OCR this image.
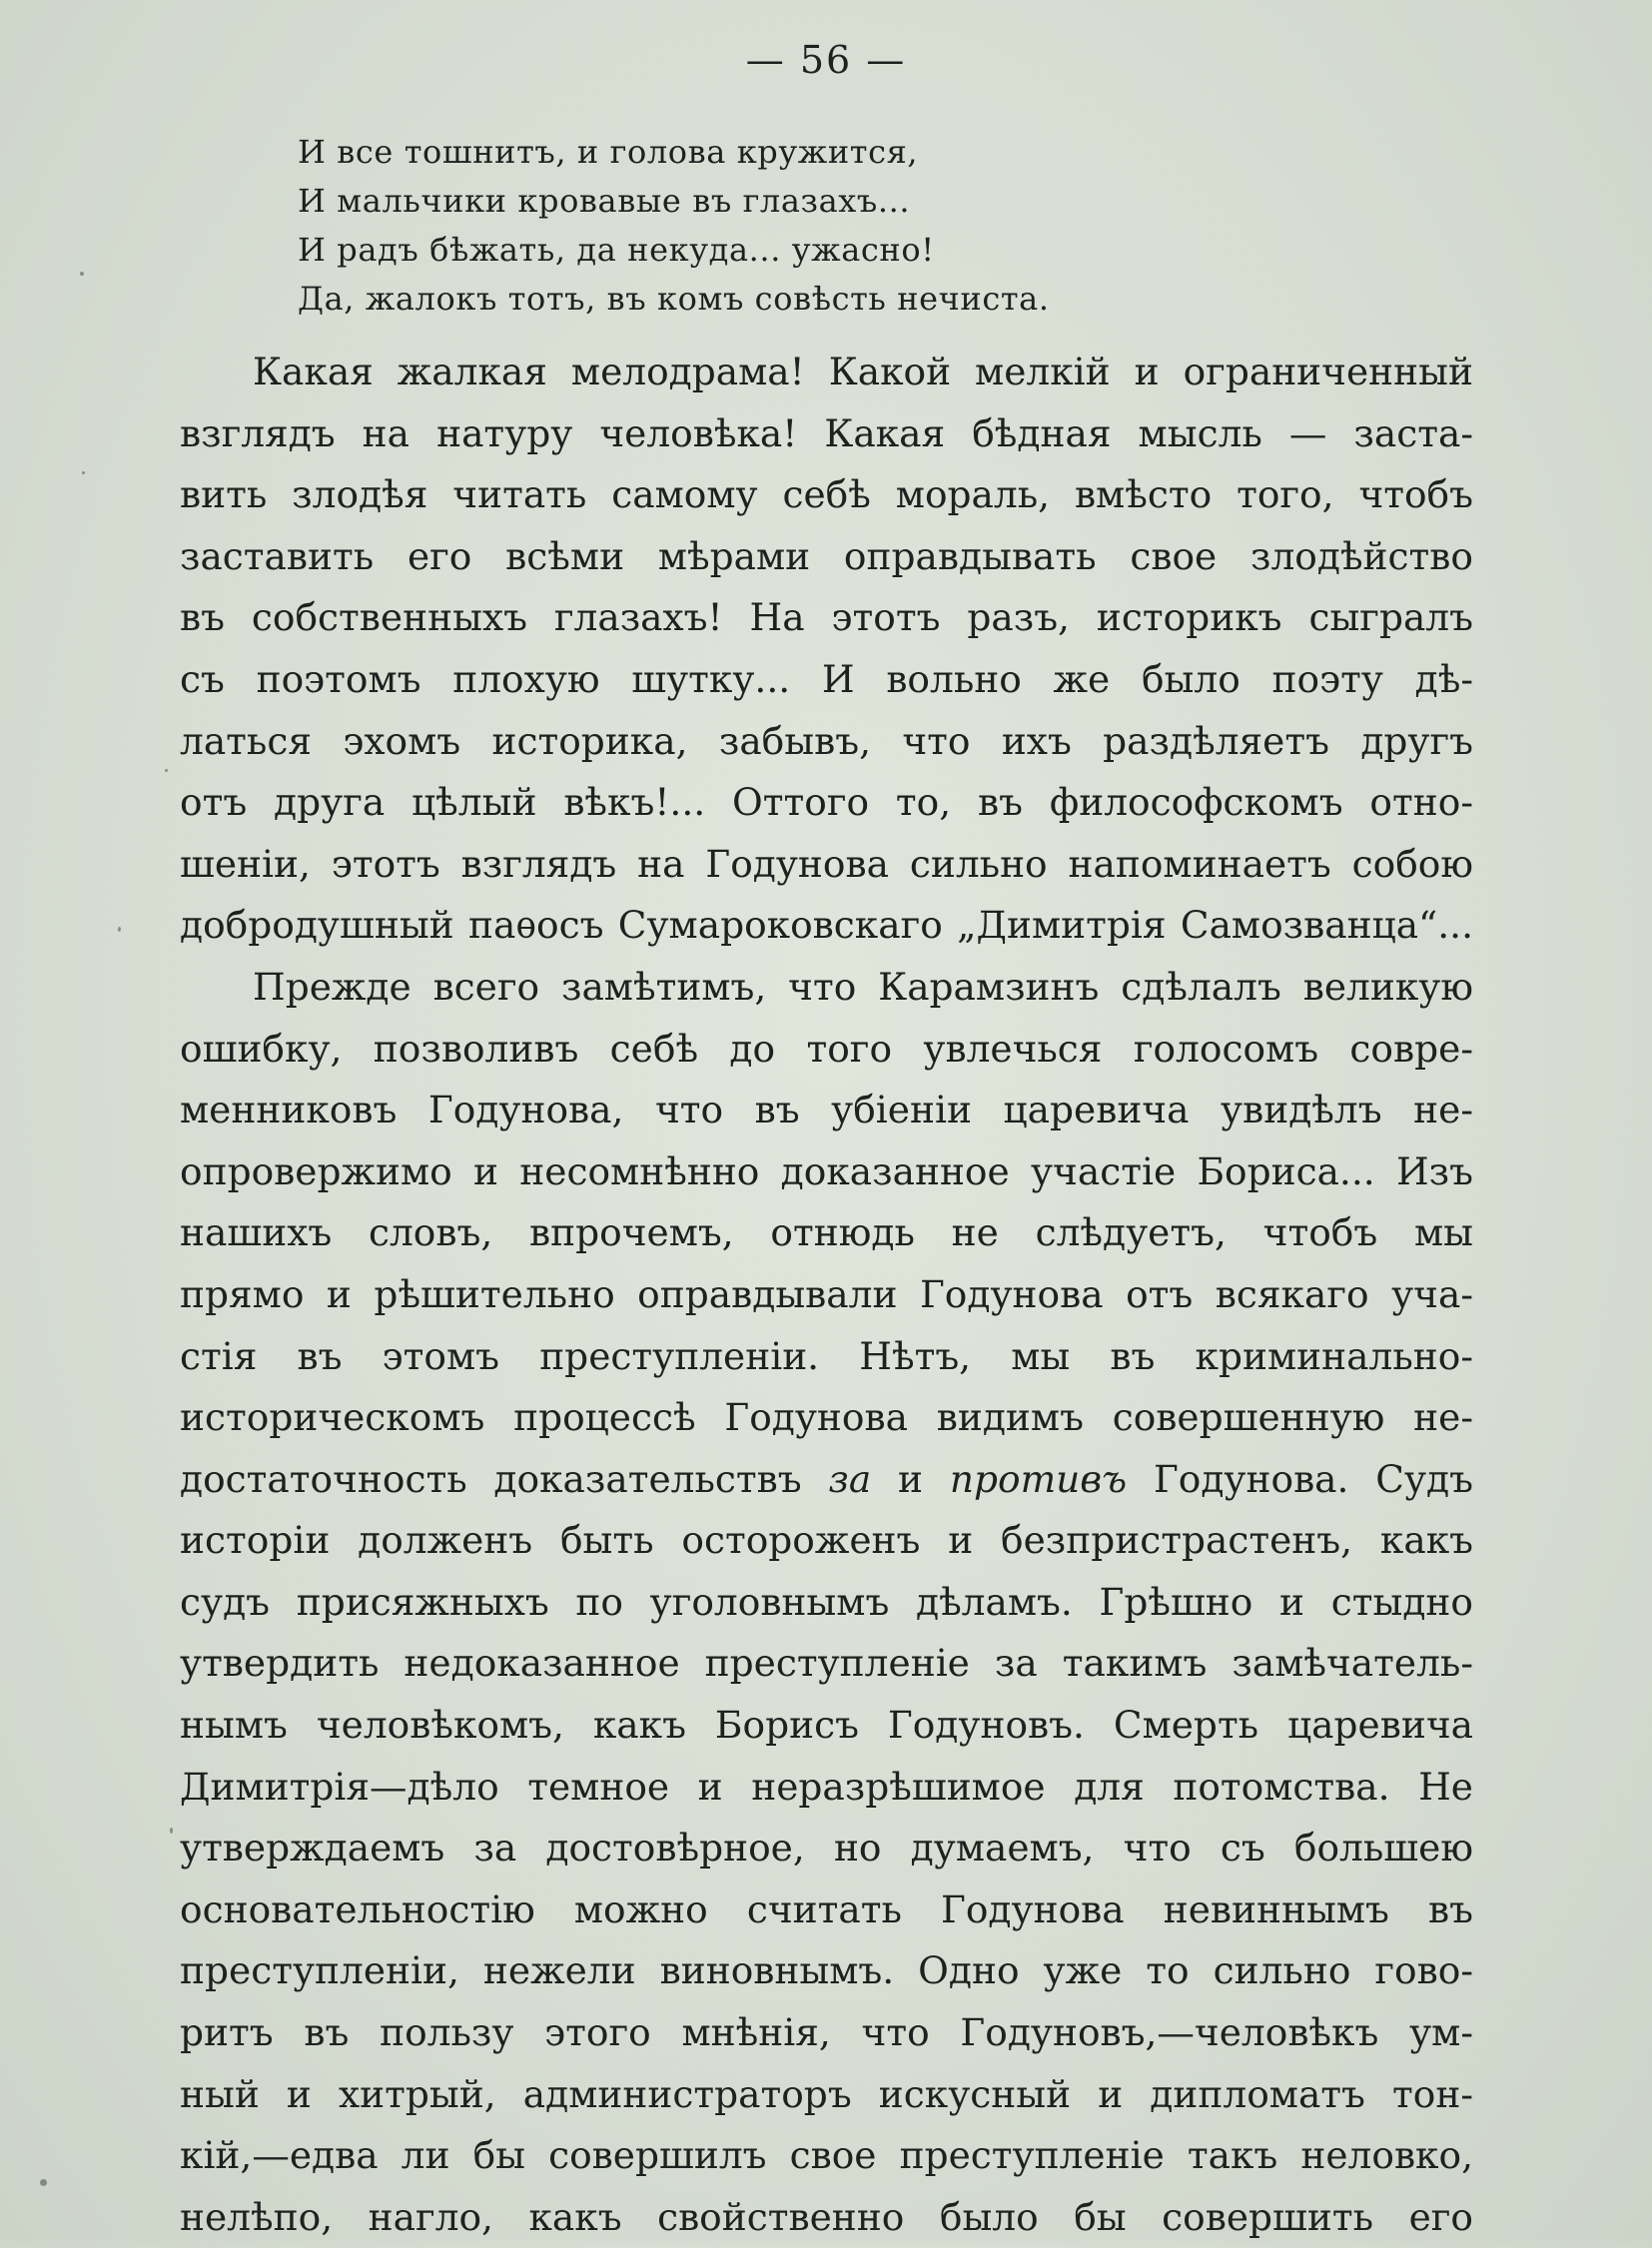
— 56 —
И все тошнитъ, и голова кружится,
И мальчики кровавые въ глазахъ...
И радъ бѣжать, да некуда... ужасно!
Да, жалокъ тотъ, въ комъ совѣсть нечиста.
Какая жалкая мелодрама! Какой мелкій и ограниченный
взглядъ на натуру человѣка! Какая бѣдная мысль — заста-
вить злодѣя читать самому себѣ мораль, вмѣсто того, чтобъ
заставить его всѣми мѣрами оправдывать свое злодѣйство
въ собственныхъ глазахъ! На этотъ разъ, историкъ сыгралъ
съ поэтомъ плохую шутку... И вольно же было поэту дѣ-
латься эхомъ историка, забывъ, что ихъ раздѣляетъ другъ
отъ друга цѣлый вѣкъ!... Оттого то, въ философскомъ отно-
шеніи, этотъ взглядъ на Годунова сильно напоминаетъ собою
добродушный паѳосъ Сумароковскаго „Димитрія Самозванца“...
Прежде всего замѣтимъ, что Карамзинъ сдѣлалъ великую
ошибку, позволивъ себѣ до того увлечься голосомъ совре-
менниковъ Годунова, что въ убіеніи царевича увидѣлъ не-
опровержимо и несомнѣнно доказанное участіе Бориса... Изъ
нашихъ словъ, впрочемъ, отнюдь не слѣдуетъ, чтобъ мы
прямо и рѣшительно оправдывали Годунова отъ всякаго уча-
стія въ этомъ преступленіи. Нѣтъ, мы въ криминально-
историческомъ процессѣ Годунова видимъ совершенную не-
достаточность доказательствъ за и противъ Годунова. Судъ
исторіи долженъ быть остороженъ и безпристрастенъ, какъ
судъ присяжныхъ по уголовнымъ дѣламъ. Грѣшно и стыдно
утвердить недоказанное преступленіе за такимъ замѣчатель-
нымъ человѣкомъ, какъ Борисъ Годуновъ. Смерть царевича
Димитрія—дѣло темное и неразрѣшимое для потомства. Не
утверждаемъ за достовѣрное, но думаемъ, что съ большею
основательностію можно считать Годунова невиннымъ въ
преступленіи, нежели виновнымъ. Одно уже то сильно гово-
ритъ въ пользу этого мнѣнія, что Годуновъ,—человѣкъ ум-
ный и хитрый, администраторъ искусный и дипломатъ тон-
кій,—едва ли бы совершилъ свое преступленіе такъ неловко,
нелѣпо, нагло, какъ свойственно было бы совершить его
